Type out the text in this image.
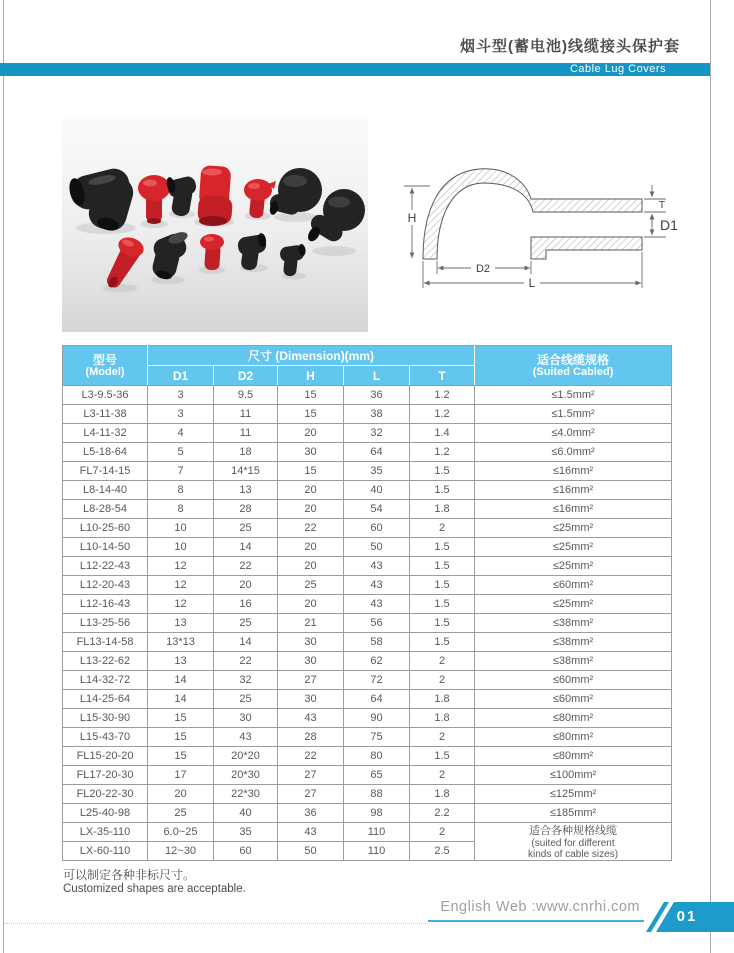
烟斗型(蓄电池)线缆接头保护套
Cable Lug Covers
H
T
D1
D2
L
型号
(Model)
	尺寸 (Dimension)(mm)	适合线缆规格
(Suited Cabled)

	D1	D2	H	L	T	
L3-9.5-36	3	9.5	15	36	1.2	≤1.5mm²
L3-11-38	3	11	15	38	1.2	≤1.5mm²
L4-11-32	4	11	20	32	1.4	≤4.0mm²
L5-18-64	5	18	30	64	1.2	≤6.0mm²
FL7-14-15	7	14*15	15	35	1.5	≤16mm²
L8-14-40	8	13	20	40	1.5	≤16mm²
L8-28-54	8	28	20	54	1.8	≤16mm²
L10-25-60	10	25	22	60	2	≤25mm²
L10-14-50	10	14	20	50	1.5	≤25mm²
L12-22-43	12	22	20	43	1.5	≤25mm²
L12-20-43	12	20	25	43	1.5	≤60mm²
L12-16-43	12	16	20	43	1.5	≤25mm²
L13-25-56	13	25	21	56	1.5	≤38mm²
FL13-14-58	13*13	14	30	58	1.5	≤38mm²
L13-22-62	13	22	30	62	2	≤38mm²
L14-32-72	14	32	27	72	2	≤60mm²
L14-25-64	14	25	30	64	1.8	≤60mm²
L15-30-90	15	30	43	90	1.8	≤80mm²
L15-43-70	15	43	28	75	2	≤80mm²
FL15-20-20	15	20*20	22	80	1.5	≤80mm²
FL17-20-30	17	20*30	27	65	2	≤100mm²
FL20-22-30	20	22*30	27	88	1.8	≤125mm²
L25-40-98	25	40	36	98	2.2	≤185mm²
LX-35-110	6.0~25	35	43	110	2	适合各种规格线缆
(suited for different
kinds of cable sizes)

LX-60-110	12~30	60	50	110	2.5	
可以制定各种非标尺寸。
Customized shapes are acceptable.
English Web :www.cnrhi.com
01
